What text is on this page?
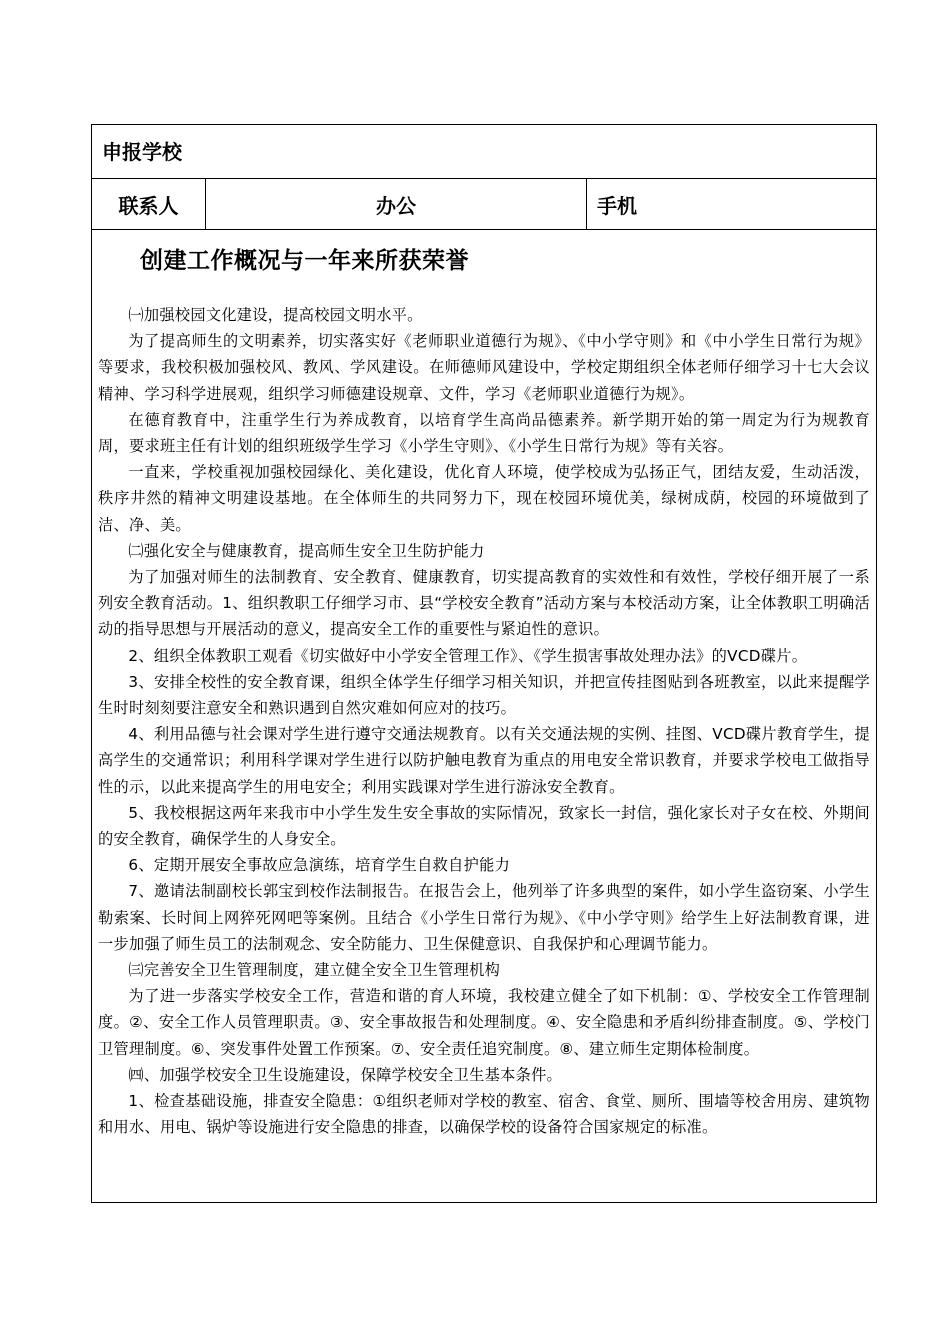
申报学校
联系人	办公	手机
创建工作概况与一年来所获荣誉

㈠加强校园文化建设，提高校园文明水平。

为了提高师生的文明素养，切实落实好《老师职业道德行为规》、《中小学守则》和《中小学生日常行为规》等要求，我校积极加强校风、教风、学风建设。在师德师风建设中，学校定期组织全体老师仔细学习十七大会议精神、学习科学进展观，组织学习师德建设规章、文件，学习《老师职业道德行为规》。

在德育教育中，注重学生行为养成教育，以培育学生高尚品德素养。新学期开始的第一周定为行为规教育周，要求班主任有计划的组织班级学生学习《小学生守则》、《小学生日常行为规》等有关容。

一直来，学校重视加强校园绿化、美化建设，优化育人环境，使学校成为弘扬正气，团结友爱，生动活泼，秩序井然的精神文明建设基地。在全体师生的共同努力下，现在校园环境优美，绿树成荫，校园的环境做到了洁、净、美。

㈡强化安全与健康教育，提高师生安全卫生防护能力

为了加强对师生的法制教育、安全教育、健康教育，切实提高教育的实效性和有效性，学校仔细开展了一系列安全教育活动。1、组织教职工仔细学习市、县“学校安全教育”活动方案与本校活动方案，让全体教职工明确活动的指导思想与开展活动的意义，提高安全工作的重要性与紧迫性的意识。

2、组织全体教职工观看《切实做好中小学安全管理工作》、《学生损害事故处理办法》的VCD碟片。

3、安排全校性的安全教育课，组织全体学生仔细学习相关知识，并把宣传挂图贴到各班教室，以此来提醒学生时时刻刻要注意安全和熟识遇到自然灾难如何应对的技巧。

4、利用品德与社会课对学生进行遵守交通法规教育。以有关交通法规的实例、挂图、VCD碟片教育学生，提高学生的交通常识；利用科学课对学生进行以防护触电教育为重点的用电安全常识教育，并要求学校电工做指导性的示，以此来提高学生的用电安全；利用实践课对学生进行游泳安全教育。

5、我校根据这两年来我市中小学生发生安全事故的实际情况，致家长一封信，强化家长对子女在校、外期间的安全教育，确保学生的人身安全。

6、定期开展安全事故应急演练，培育学生自救自护能力

7、邀请法制副校长郭宝到校作法制报告。在报告会上，他列举了许多典型的案件，如小学生盗窃案、小学生勒索案、长时间上网猝死网吧等案例。且结合《小学生日常行为规》、《中小学守则》给学生上好法制教育课，进一步加强了师生员工的法制观念、安全防能力、卫生保健意识、自我保护和心理调节能力。

㈢完善安全卫生管理制度，建立健全安全卫生管理机构

为了进一步落实学校安全工作，营造和谐的育人环境，我校建立健全了如下机制：①、学校安全工作管理制度。②、安全工作人员管理职责。③、安全事故报告和处理制度。④、安全隐患和矛盾纠纷排查制度。⑤、学校门卫管理制度。⑥、突发事件处置工作预案。⑦、安全责任追究制度。⑧、建立师生定期体检制度。

㈣、加强学校安全卫生设施建设，保障学校安全卫生基本条件。

1、检查基础设施，排查安全隐患：①组织老师对学校的教室、宿舍、食堂、厕所、围墙等校舍用房、建筑物和用水、用电、锅炉等设施进行安全隐患的排查，以确保学校的设备符合国家规定的标准。
